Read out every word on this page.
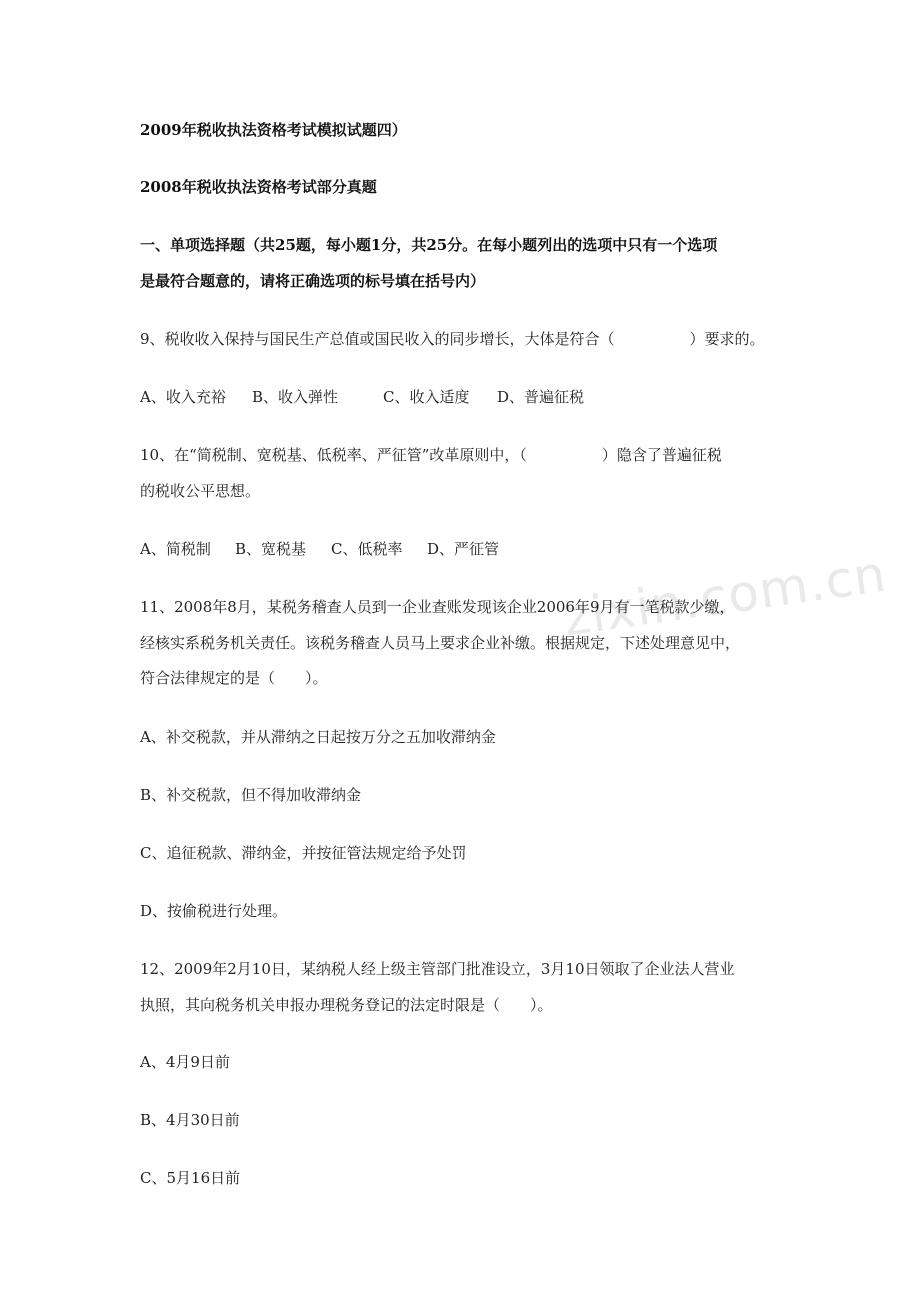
zixin.com.cn
2009年税收执法资格考试模拟试题四）
2008年税收执法资格考试部分真题
一、单项选择题（共25题，每小题1分，共25分。在每小题列出的选项中只有一个选项
是最符合题意的，请将正确选项的标号填在括号内）
9、税收收入保持与国民生产总值或国民收入的同步增长，大体是符合（　　　　　）要求的。
A、收入充裕 B、收入弹性	C、收入适度 D、普遍征税
10、在“简税制、宽税基、低税率、严征管”改革原则中，（　　　　　）隐含了普遍征税
的税收公平思想。
A、简税制 B、宽税基 C、低税率 D、严征管
11、2008年8月，某税务稽查人员到一企业查账发现该企业2006年9月有一笔税款少缴，
经核实系税务机关责任。该税务稽查人员马上要求企业补缴。根据规定，下述处理意见中，
符合法律规定的是（　　）。
A、补交税款，并从滞纳之日起按万分之五加收滞纳金
B、补交税款，但不得加收滞纳金
C、追征税款、滞纳金，并按征管法规定给予处罚
D、按偷税进行处理。
12、2009年2月10日，某纳税人经上级主管部门批准设立，3月10日领取了企业法人营业
执照，其向税务机关申报办理税务登记的法定时限是（　　）。
A、4月9日前
B、4月30日前
C、5月16日前
